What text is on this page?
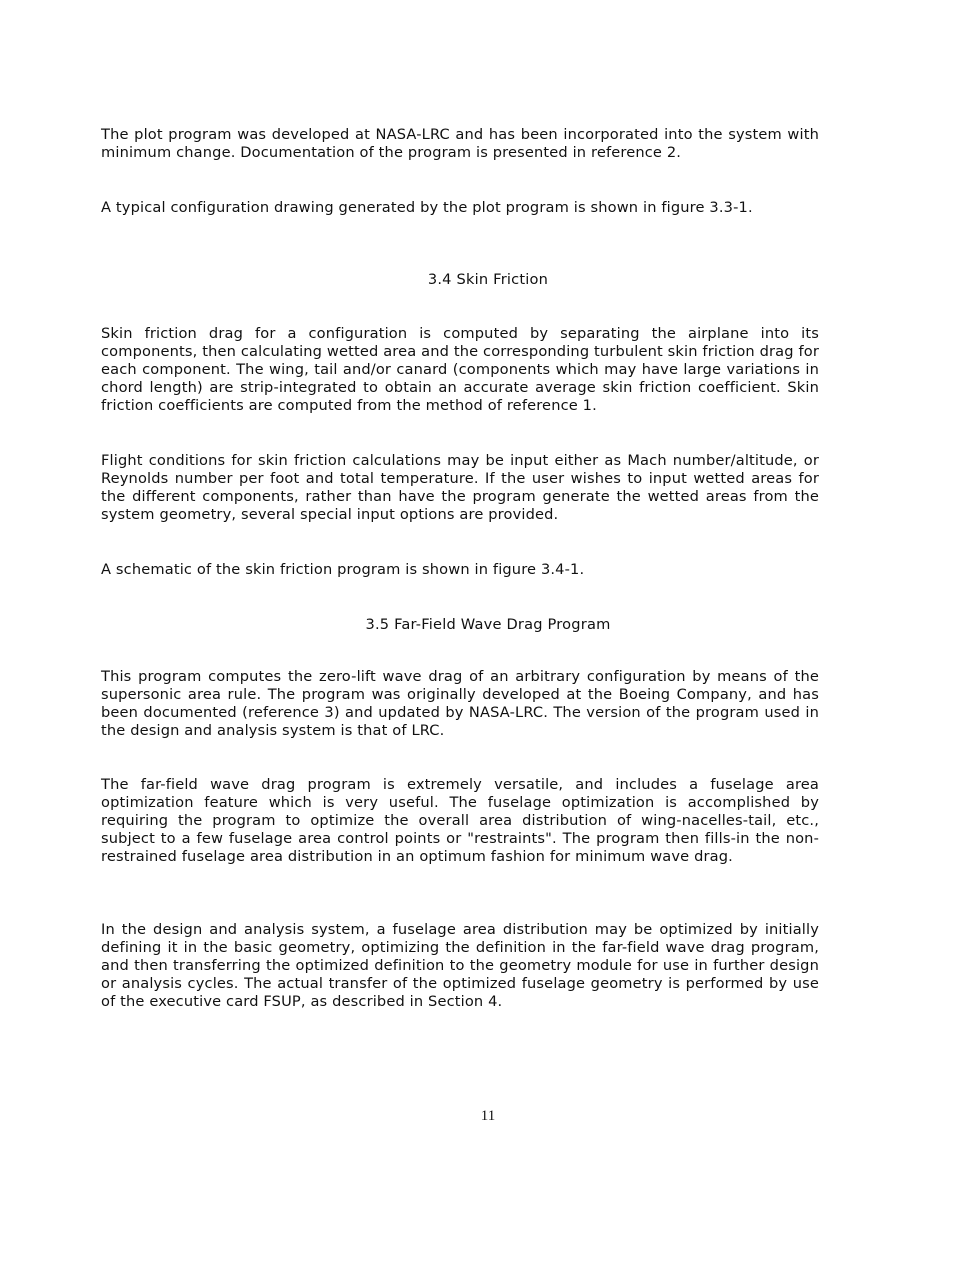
The plot program was developed at NASA-LRC and has been incorporated into the system with minimum change. Documentation of the program is presented in reference 2.

A typical configuration drawing generated by the plot program is shown in figure 3.3-1.

3.4 Skin Friction

Skin friction drag for a configuration is computed by separating the airplane into its components, then calculating wetted area and the corresponding turbulent skin friction drag for each component. The wing, tail and/or canard (components which may have large variations in chord length) are strip-integrated to obtain an accurate average skin friction coefficient. Skin friction coefficients are computed from the method of reference 1.

Flight conditions for skin friction calculations may be input either as Mach number/altitude, or Reynolds number per foot and total temperature. If the user wishes to input wetted areas for the different components, rather than have the program generate the wetted areas from the system geometry, several special input options are provided.

A schematic of the skin friction program is shown in figure 3.4-1.

3.5 Far-Field Wave Drag Program

This program computes the zero-lift wave drag of an arbitrary configuration by means of the supersonic area rule. The program was originally developed at the Boeing Company, and has been documented (reference 3) and updated by NASA-LRC. The version of the program used in the design and analysis system is that of LRC.

The far-field wave drag program is extremely versatile, and includes a fuselage area optimization feature which is very useful. The fuselage optimization is accomplished by requiring the program to optimize the overall area distribution of wing-nacelles-tail, etc., subject to a few fuselage area control points or "restraints". The program then fills-in the non-restrained fuselage area distribution in an optimum fashion for minimum wave drag.

In the design and analysis system, a fuselage area distribution may be optimized by initially defining it in the basic geometry, optimizing the definition in the far-field wave drag program, and then transferring the optimized definition to the geometry module for use in further design or analysis cycles. The actual transfer of the optimized fuselage geometry is performed by use of the executive card FSUP, as described in Section 4.

11
